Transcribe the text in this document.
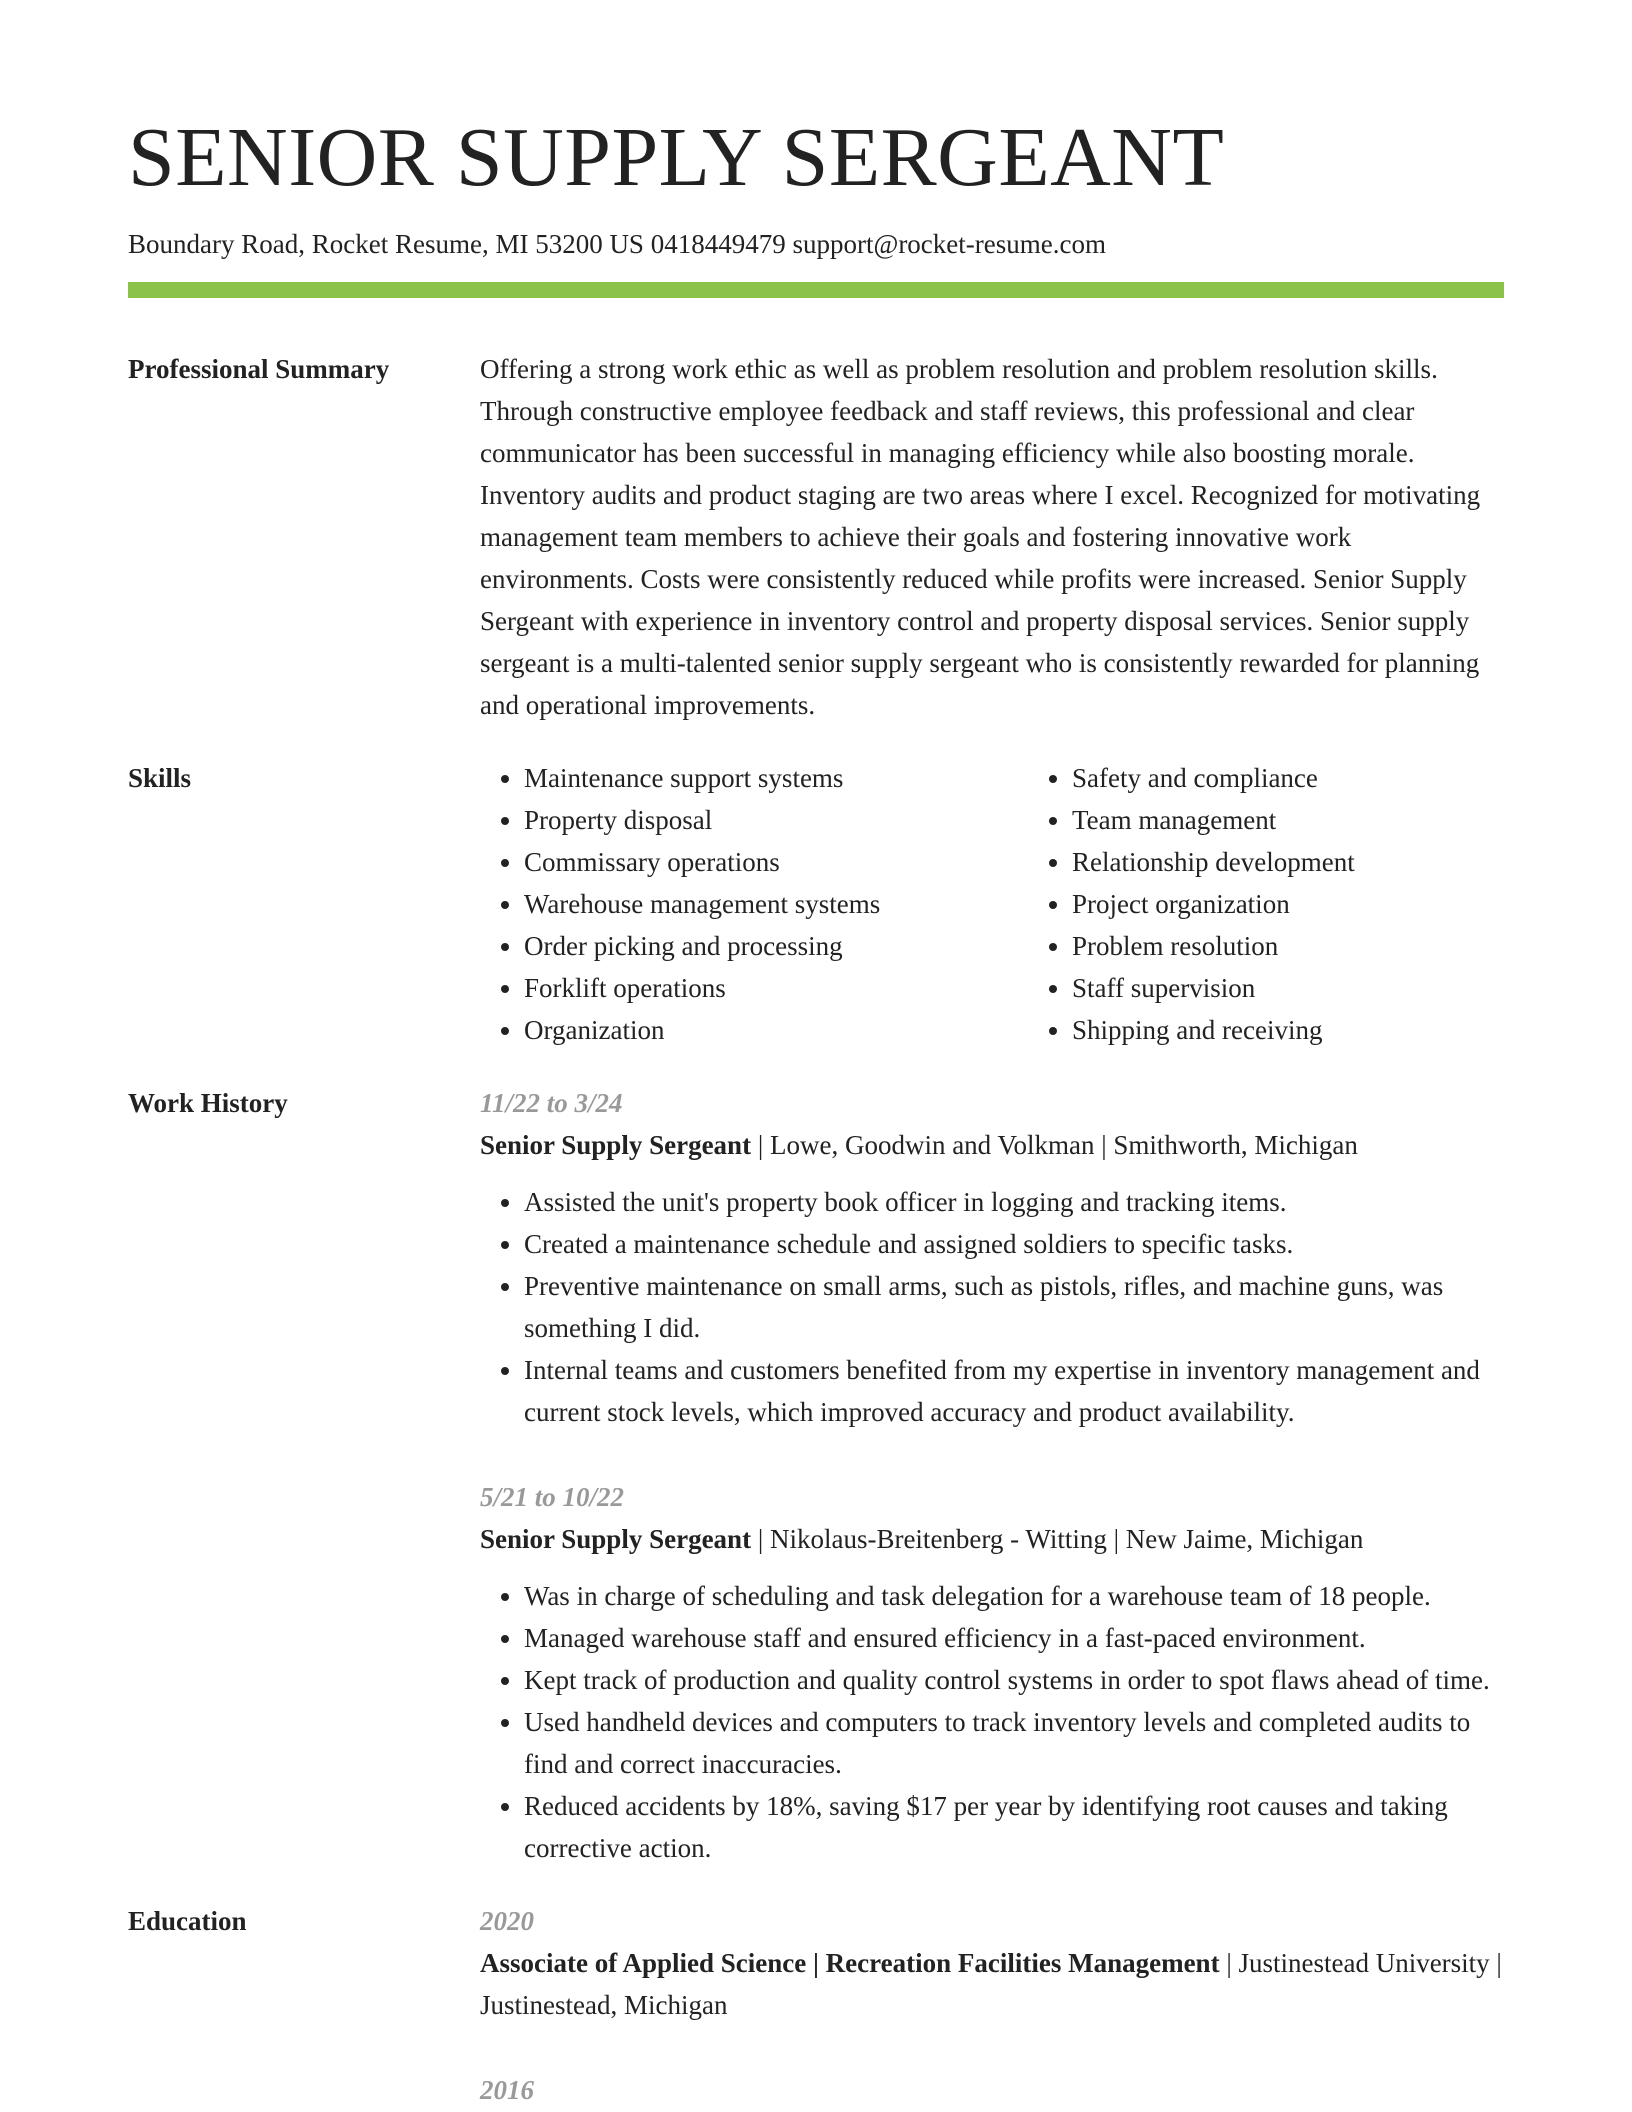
SENIOR SUPPLY SERGEANT
Boundary Road, Rocket Resume, MI 53200 US 0418449479 support@rocket-resume.com
Professional Summary	Offering a strong work ethic as well as problem resolution and problem resolution skills. Through constructive employee feedback and staff reviews, this professional and clear communicator has been successful in managing efficiency while also boosting morale. Inventory audits and product staging are two areas where I excel. Recognized for motivating management team members to achieve their goals and fostering innovative work environments. Costs were consistently reduced while profits were increased. Senior Supply Sergeant with experience in inventory control and property disposal services. Senior supply sergeant is a multi-talented senior supply sergeant who is consistently rewarded for planning and operational improvements.
Skills
•	Maintenance support systems
• Property disposal
• Commissary operations
• Warehouse management systems
• Order picking and processing
• Forklift operations
• Organization
• Safety and compliance
• Team management
• Relationship development
• Project organization
• Problem resolution
• Staff supervision
• Shipping and receiving
Work History	11/22 to 3/24
Senior Supply Sergeant | Lowe, Goodwin and Volkman | Smithworth, Michigan
• Assisted the unit's property book officer in logging and tracking items.
• Created a maintenance schedule and assigned soldiers to specific tasks.
• Preventive maintenance on small arms, such as pistols, rifles, and machine guns, was something I did.
• Internal teams and customers benefited from my expertise in inventory management and current stock levels, which improved accuracy and product availability.
5/21 to 10/22
Senior Supply Sergeant | Nikolaus-Breitenberg - Witting | New Jaime, Michigan
• Was in charge of scheduling and task delegation for a warehouse team of 18 people.
• Managed warehouse staff and ensured efficiency in a fast-paced environment.
• Kept track of production and quality control systems in order to spot flaws ahead of time.
• Used handheld devices and computers to track inventory levels and completed audits to find and correct inaccuracies.
• Reduced accidents by 18%, saving $17 per year by identifying root causes and taking corrective action.
Education	2020
Associate of Applied Science | Recreation Facilities Management | Justinestead University | Justinestead, Michigan
2016
